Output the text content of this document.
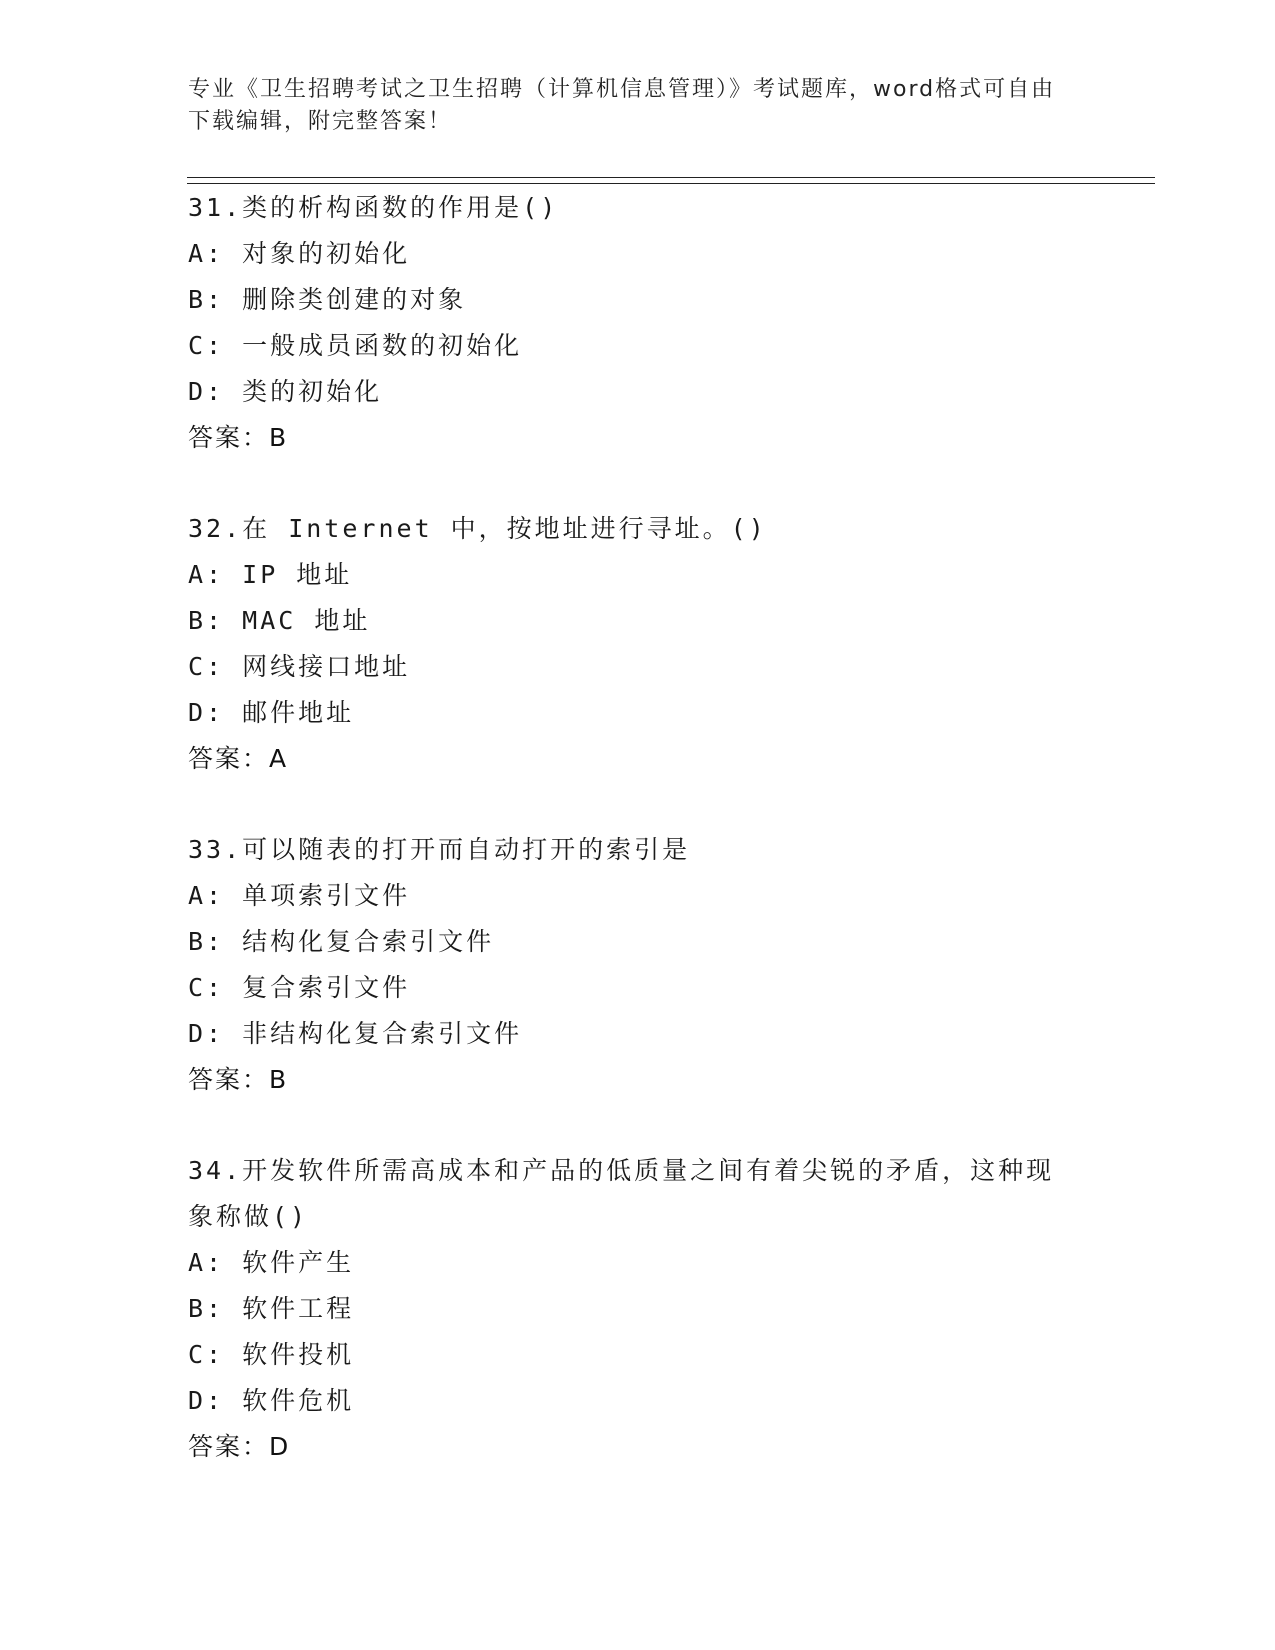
专业《卫生招聘考试之卫生招聘（计算机信息管理）》考试题库，word格式可自由下载编辑，附完整答案！
31.类的析构函数的作用是()
A: 对象的初始化
B: 删除类创建的对象
C: 一般成员函数的初始化
D: 类的初始化
答案：B
32.在 Internet 中，按地址进行寻址。()
A: IP 地址
B: MAC 地址
C: 网线接口地址
D: 邮件地址
答案：A
33.可以随表的打开而自动打开的索引是
A: 单项索引文件
B: 结构化复合索引文件
C: 复合索引文件
D: 非结构化复合索引文件
答案：B
34.开发软件所需高成本和产品的低质量之间有着尖锐的矛盾，这种现象称做()
A: 软件产生
B: 软件工程
C: 软件投机
D: 软件危机
答案：D
